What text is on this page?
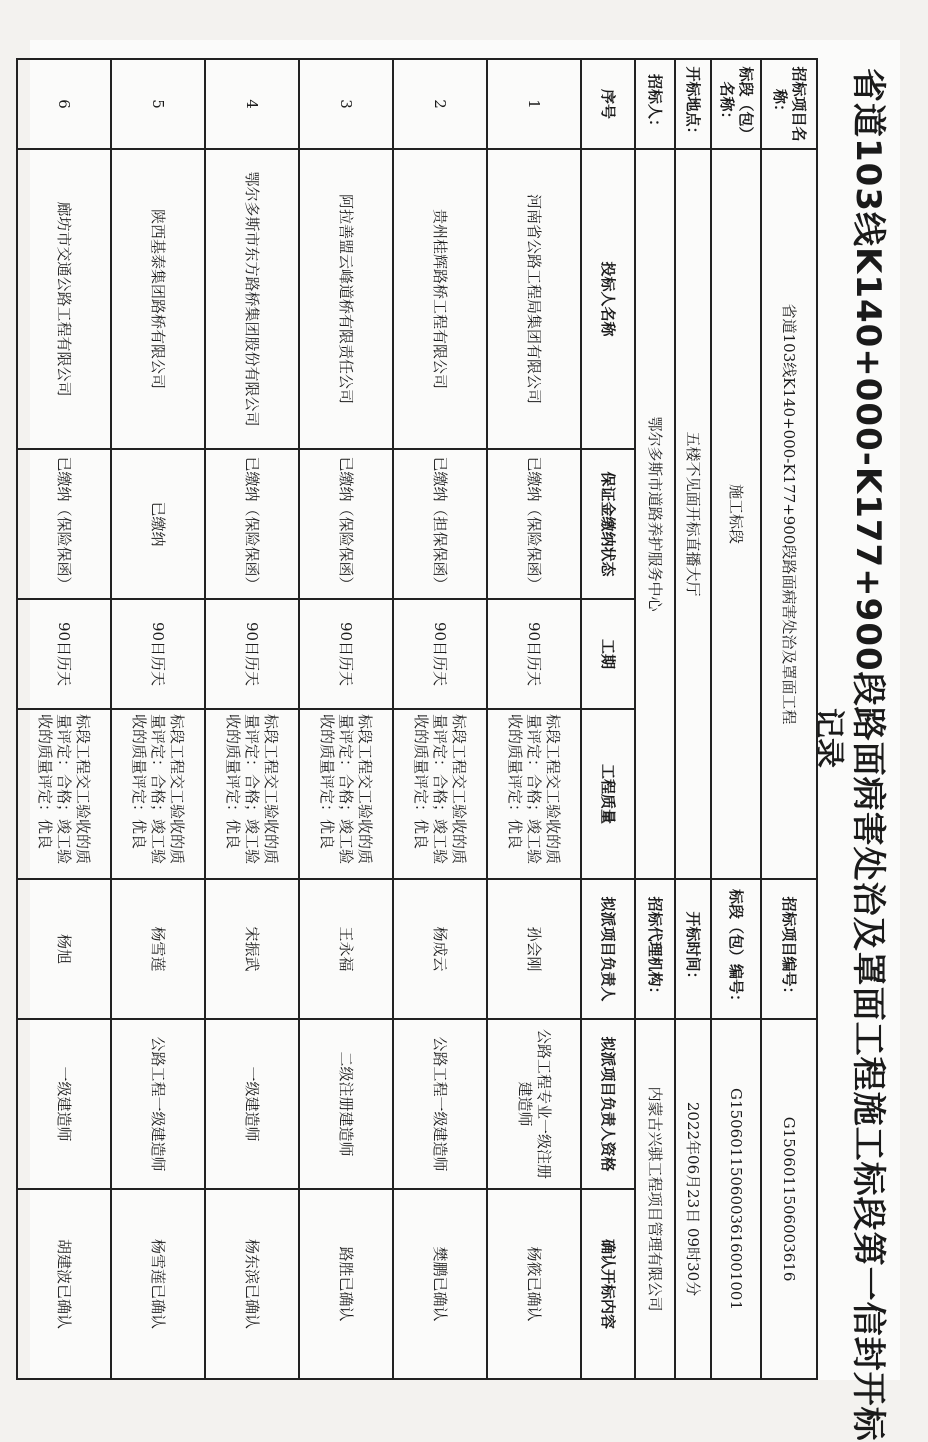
省道103线K140+000-K177+900段路面病害处治及罩面工程施工标段第一信封开标
记录
招标项目名称：	省道103线K140+000-K177+900段路面病害处治及罩面工程				招标项目编号：	G1506011506003616	
标段（包）名称：	施工标段				标段（包）编号：	G1506011506003616001001	
开标地点：	五楼不见面开标直播大厅				开标时间：	2022年06月23日 09时30分	
招标人：	鄂尔多斯市道路养护服务中心				招标代理机构：	内蒙古兴骐工程项目管理有限公司	
序号	投标人名称	保证金缴纳状态	工期	工程质量	拟派项目负责人	拟派项目负责人资格	确认开标内容
1	河南省公路工程局集团有限公司	已缴纳（保险保函）	90日历天	标段工程交工验收的质量评定：合格；竣工验收的质量评定：优良	孙会刚	公路工程专业一级注册建造师	杨筱已确认
2	贵州桂辉路桥工程有限公司	已缴纳（担保保函）	90日历天	标段工程交工验收的质量评定：合格；竣工验收的质量评定：优良	杨成云	公路工程一级建造师	樊鹏已确认
3	阿拉善盟云峰道桥有限责任公司	已缴纳（保险保函）	90日历天	标段工程交工验收的质量评定：合格；竣工验收的质量评定：优良	王永福	二级注册建造师	路胜已确认
4	鄂尔多斯市东方路桥集团股份有限公司	已缴纳（保险保函）	90日历天	标段工程交工验收的质量评定：合格；竣工验收的质量评定：优良	宋振武	一级建造师	杨东滨已确认
5	陕西基泰集团路桥有限公司	已缴纳	90日历天	标段工程交工验收的质量评定：合格；竣工验收的质量评定：优良	杨雪莲	公路工程一级建造师	杨雪莲已确认
6	廊坊市交通公路工程有限公司	已缴纳（保险保函）	90日历天	标段工程交工验收的质量评定：合格；竣工验收的质量评定：优良	杨旭	一级建造师	胡建波已确认
